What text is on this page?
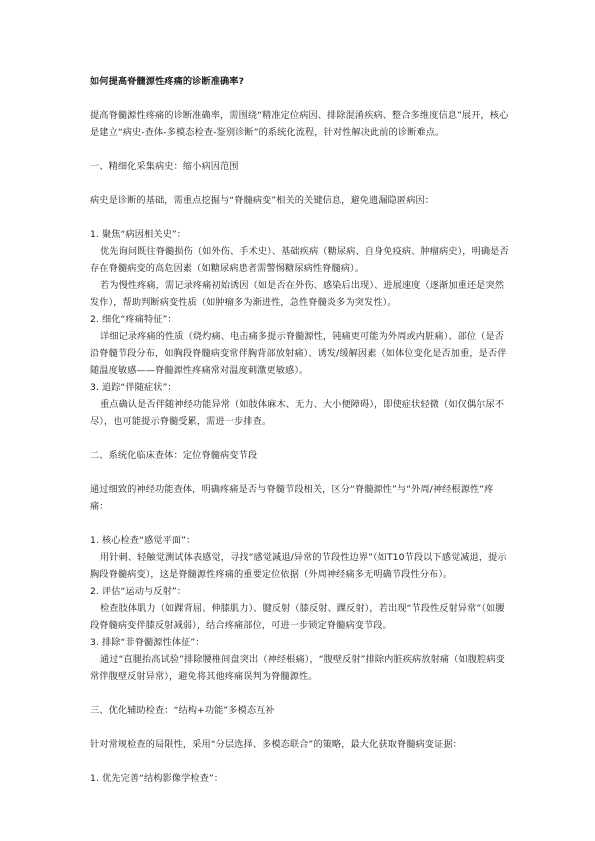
如何提高脊髓源性疼痛的诊断准确率?

提高脊髓源性疼痛的诊断准确率，需围绕“精准定位病因、排除混淆疾病、整合多维度信息”展开，核心是建立“病史-查体-多模态检查-鉴别诊断”的系统化流程，针对性解决此前的诊断难点。

一、精细化采集病史：缩小病因范围

病史是诊断的基础，需重点挖掘与“脊髓病变”相关的关键信息，避免遗漏隐匿病因：

1. 聚焦“病因相关史”：

优先询问既往脊髓损伤（如外伤、手术史）、基础疾病（糖尿病、自身免疫病、肿瘤病史），明确是否存在脊髓病变的高危因素（如糖尿病患者需警惕糖尿病性脊髓病）。

若为慢性疼痛，需记录疼痛初始诱因（如是否在外伤、感染后出现）、进展速度（逐渐加重还是突然发作），帮助判断病变性质（如肿瘤多为渐进性，急性脊髓炎多为突发性）。

2. 细化“疼痛特征”：

详细记录疼痛的性质（烧灼痛、电击痛多提示脊髓源性，钝痛更可能为外周或内脏痛）、部位（是否沿脊髓节段分布，如胸段脊髓病变常伴胸背部放射痛）、诱发/缓解因素（如体位变化是否加重，是否伴随温度敏感——脊髓源性疼痛常对温度刺激更敏感）。

3. 追踪“伴随症状”：

重点确认是否伴随神经功能异常（如肢体麻木、无力、大小便障碍），即使症状轻微（如仅偶尔尿不尽），也可能提示脊髓受累，需进一步排查。

二、系统化临床查体：定位脊髓病变节段

通过细致的神经功能查体，明确疼痛是否与脊髓节段相关，区分“脊髓源性”与“外周/神经根源性”疼痛：

1. 核心检查“感觉平面”：

用针刺、轻触觉测试体表感觉，寻找“感觉减退/异常的节段性边界”（如T10节段以下感觉减退，提示胸段脊髓病变），这是脊髓源性疼痛的重要定位依据（外周神经痛多无明确节段性分布）。

2. 评估“运动与反射”：

检查肢体肌力（如踝背屈、伸膝肌力）、腱反射（膝反射、踝反射），若出现“节段性反射异常”（如腰段脊髓病变伴膝反射减弱），结合疼痛部位，可进一步锁定脊髓病变节段。

3. 排除“非脊髓源性体征”：

通过“直腿抬高试验”排除腰椎间盘突出（神经根痛），“腹壁反射”排除内脏疾病放射痛（如腹腔病变常伴腹壁反射异常），避免将其他疼痛误判为脊髓源性。

三、优化辅助检查：“结构+功能”多模态互补

针对常规检查的局限性，采用“分层选择、多模态联合”的策略，最大化获取脊髓病变证据：

1. 优先完善“结构影像学检查”：
